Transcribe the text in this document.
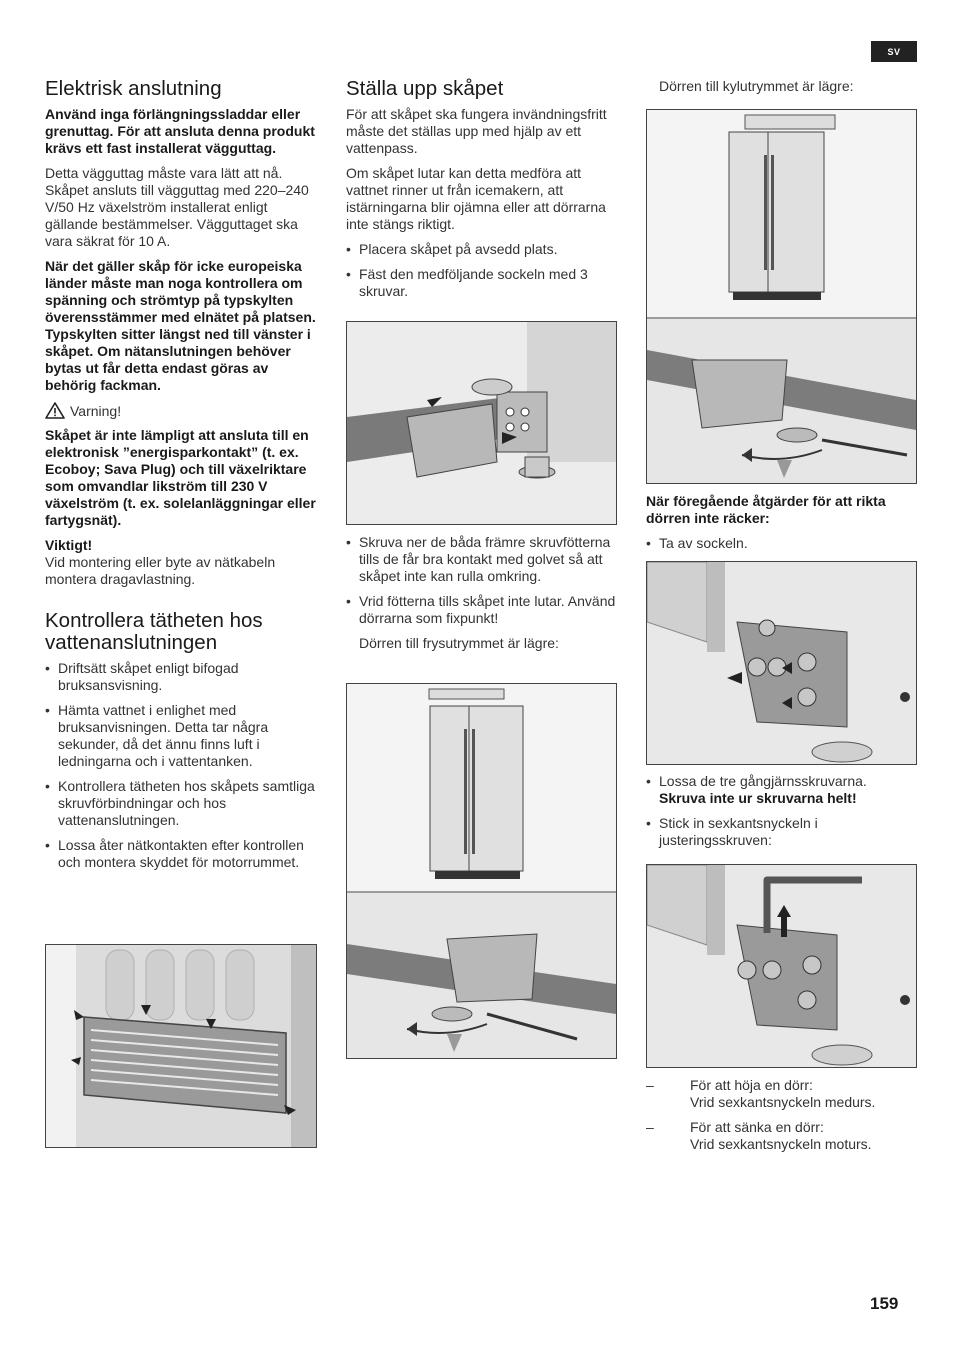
SV
Elektrisk anslutning

Använd inga förlängningssladdar eller grenuttag. För att ansluta denna produkt krävs ett fast installerat vägguttag.

Detta vägguttag måste vara lätt att nå. Skåpet ansluts till vägguttag med 220–240 V/50 Hz växelström installerat enligt gällande bestämmelser. Vägguttaget ska vara säkrat för 10 A.

När det gäller skåp för icke europeiska länder måste man noga kontrollera om spänning och strömtyp på typskylten överensstämmer med elnätet på platsen. Typskylten sitter längst ned till vänster i skåpet. Om nätanslutningen behöver bytas ut får detta endast göras av behörig fackman.

Varning!

Skåpet är inte lämpligt att ansluta till en elektronisk ”energisparkontakt” (t. ex. Ecoboy; Sava Plug) och till växelriktare som omvandlar likström till 230 V växelström (t. ex. solelanläggningar eller fartygsnät).

Viktigt!

Vid montering eller byte av nätkabeln montera dragavlastning.

Kontrollera tätheten hos vattenanslutningen
• Driftsätt skåpet enligt bifogad bruksansvisning.
• Hämta vattnet i enlighet med bruksanvisningen. Detta tar några sekunder, då det ännu finns luft i ledningarna och i vattentanken.
• Kontrollera tätheten hos skåpets samtliga skruvförbindningar och hos vattenanslutningen.
• Lossa åter nätkontakten efter kontrollen och montera skyddet för motorrummet.
Ställa upp skåpet

För att skåpet ska fungera invändningsfritt måste det ställas upp med hjälp av ett vattenpass.

Om skåpet lutar kan detta medföra att vattnet rinner ut från icemakern, att istärningarna blir ojämna eller att dörrarna inte stängs riktigt.

• Placera skåpet på avsedd plats.
• Fäst den medföljande sockeln med 3 skruvar.
• Skruva ner de båda främre skruvfötterna tills de får bra kontakt med golvet så att skåpet inte kan rulla omkring.
• Vrid fötterna tills skåpet inte lutar. Använd dörrarna som fixpunkt!

Dörren till frysutrymmet är lägre:

Dörren till kylutrymmet är lägre:

När föregående åtgärder för att rikta dörren inte räcker:

• Ta av sockeln.
• Lossa de tre gångjärnsskruvarna.
Skruva inte ur skruvarna helt!
• Stick in sexkantsnyckeln i justeringsskruven:
– För att höja en dörr:
Vrid sexkantsnyckeln medurs.
– För att sänka en dörr:
Vrid sexkantsnyckeln moturs.
159
